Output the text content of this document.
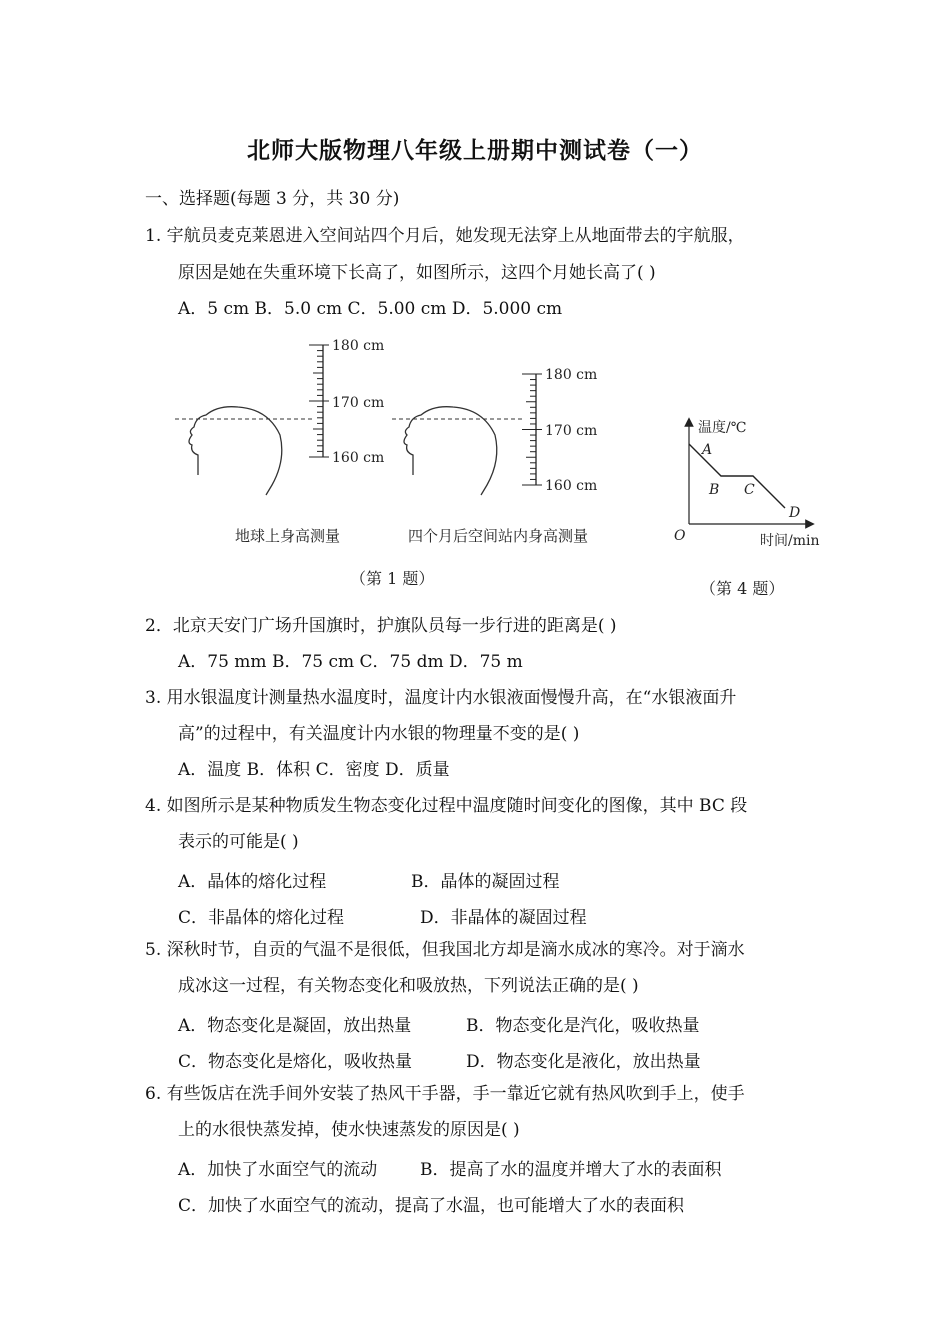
北师大版物理八年级上册期中测试卷（一）
一、选择题(每题 3 分，共 30 分)
1. 宇航员麦克莱恩进入空间站四个月后，她发现无法穿上从地面带去的宇航服，
原因是她在失重环境下长高了，如图所示，这四个月她长高了( )
A．5 cm B．5.0 cm C．5.00 cm D．5.000 cm
180 cm
170 cm
160 cm
180 cm
170 cm
160 cm
地球上身高测量	四个月后空间站内身高测量
（第 1 题）
温度/℃
时间/min
O
A
B C
D
（第 4 题）
2．北京天安门广场升国旗时，护旗队员每一步行进的距离是( )
A．75 mm B．75 cm C．75 dm D．75 m
3. 用水银温度计测量热水温度时，温度计内水银液面慢慢升高，在“水银液面升
高”的过程中，有关温度计内水银的物理量不变的是( )
A．温度 B．体积 C．密度 D．质量
4. 如图所示是某种物质发生物态变化过程中温度随时间变化的图像，其中 BC 段
表示的可能是( )
A．晶体的熔化过程	B．晶体的凝固过程
C．非晶体的熔化过程	D．非晶体的凝固过程
5. 深秋时节，自贡的气温不是很低，但我国北方却是滴水成冰的寒冷。对于滴水
成冰这一过程，有关物态变化和吸放热，下列说法正确的是( )
A．物态变化是凝固，放出热量	B．物态变化是汽化，吸收热量
C．物态变化是熔化，吸收热量	D．物态变化是液化，放出热量
6. 有些饭店在洗手间外安装了热风干手器，手一靠近它就有热风吹到手上，使手
上的水很快蒸发掉，使水快速蒸发的原因是( )
A．加快了水面空气的流动	B．提高了水的温度并增大了水的表面积
C．加快了水面空气的流动，提高了水温，也可能增大了水的表面积
